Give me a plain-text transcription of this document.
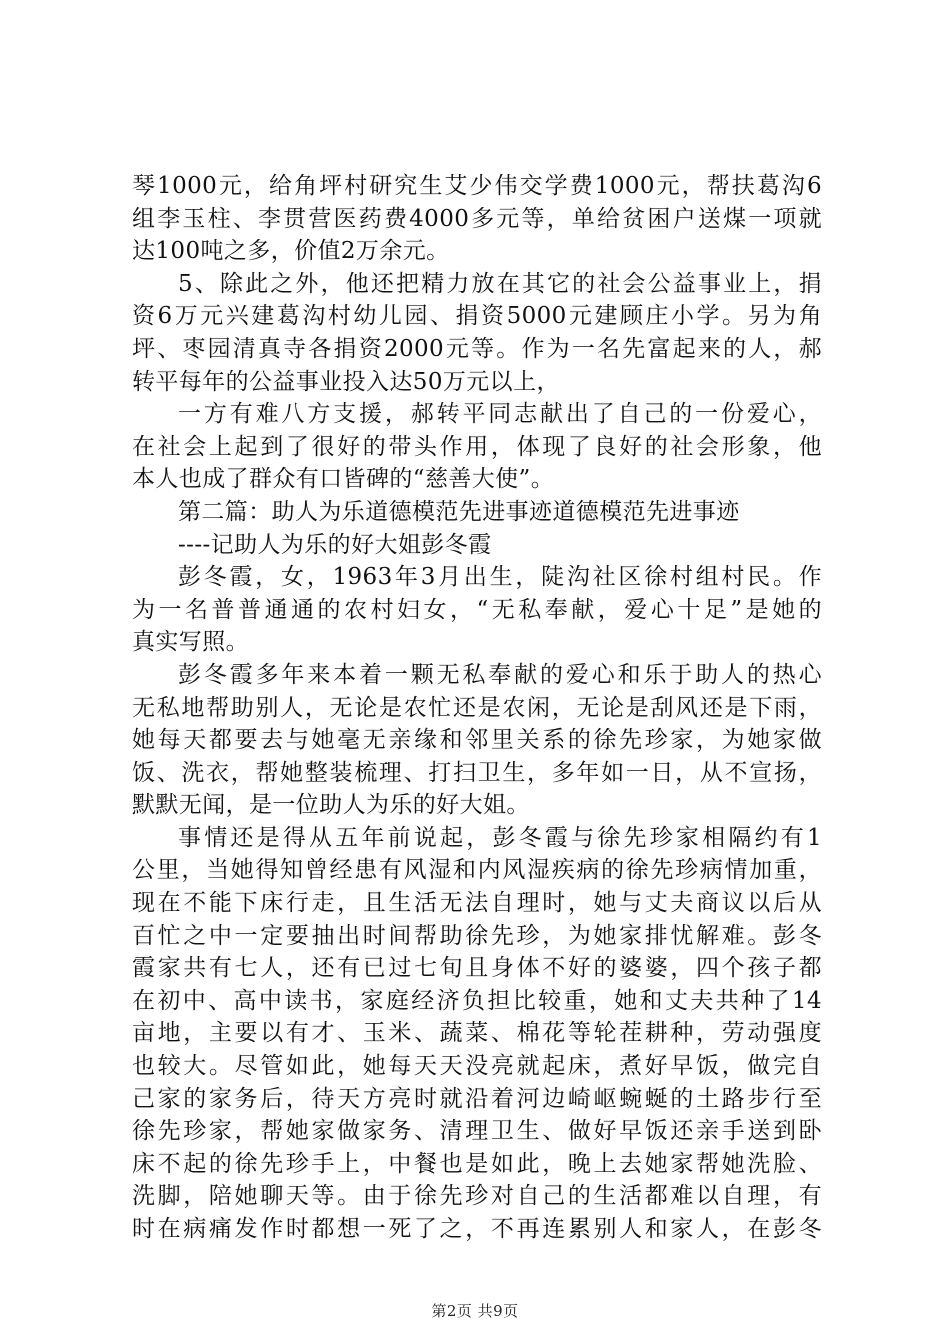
琴1000元，给角坪村研究生艾少伟交学费1000元，帮扶葛沟6
组李玉柱、李贯营医药费4000多元等，单给贫困户送煤一项就
达100吨之多，价值2万余元。
5、除此之外，他还把精力放在其它的社会公益事业上，捐
资6万元兴建葛沟村幼儿园、捐资5000元建顾庄小学。另为角
坪、枣园清真寺各捐资2000元等。作为一名先富起来的人，郝
转平每年的公益事业投入达50万元以上，
一方有难八方支援，郝转平同志献出了自己的一份爱心，
在社会上起到了很好的带头作用，体现了良好的社会形象，他
本人也成了群众有口皆碑的“慈善大使”。
第二篇：助人为乐道德模范先进事迹道德模范先进事迹
----记助人为乐的好大姐彭冬霞
彭冬霞，女，1963年3月出生，陡沟社区徐村组村民。作
为一名普普通通的农村妇女，“无私奉献，爱心十足”是她的
真实写照。
彭冬霞多年来本着一颗无私奉献的爱心和乐于助人的热心
无私地帮助别人，无论是农忙还是农闲，无论是刮风还是下雨，
她每天都要去与她毫无亲缘和邻里关系的徐先珍家，为她家做
饭、洗衣，帮她整装梳理、打扫卫生，多年如一日，从不宣扬，
默默无闻，是一位助人为乐的好大姐。
事情还是得从五年前说起，彭冬霞与徐先珍家相隔约有1
公里，当她得知曾经患有风湿和内风湿疾病的徐先珍病情加重，
现在不能下床行走，且生活无法自理时，她与丈夫商议以后从
百忙之中一定要抽出时间帮助徐先珍，为她家排忧解难。彭冬
霞家共有七人，还有已过七旬且身体不好的婆婆，四个孩子都
在初中、高中读书，家庭经济负担比较重，她和丈夫共种了14
亩地，主要以有才、玉米、蔬菜、棉花等轮茬耕种，劳动强度
也较大。尽管如此，她每天天没亮就起床，煮好早饭，做完自
己家的家务后，待天方亮时就沿着河边崎岖蜿蜒的土路步行至
徐先珍家，帮她家做家务、清理卫生、做好早饭还亲手送到卧
床不起的徐先珍手上，中餐也是如此，晚上去她家帮她洗脸、
洗脚，陪她聊天等。由于徐先珍对自己的生活都难以自理，有
时在病痛发作时都想一死了之，不再连累别人和家人，在彭冬
第2页 共9页
